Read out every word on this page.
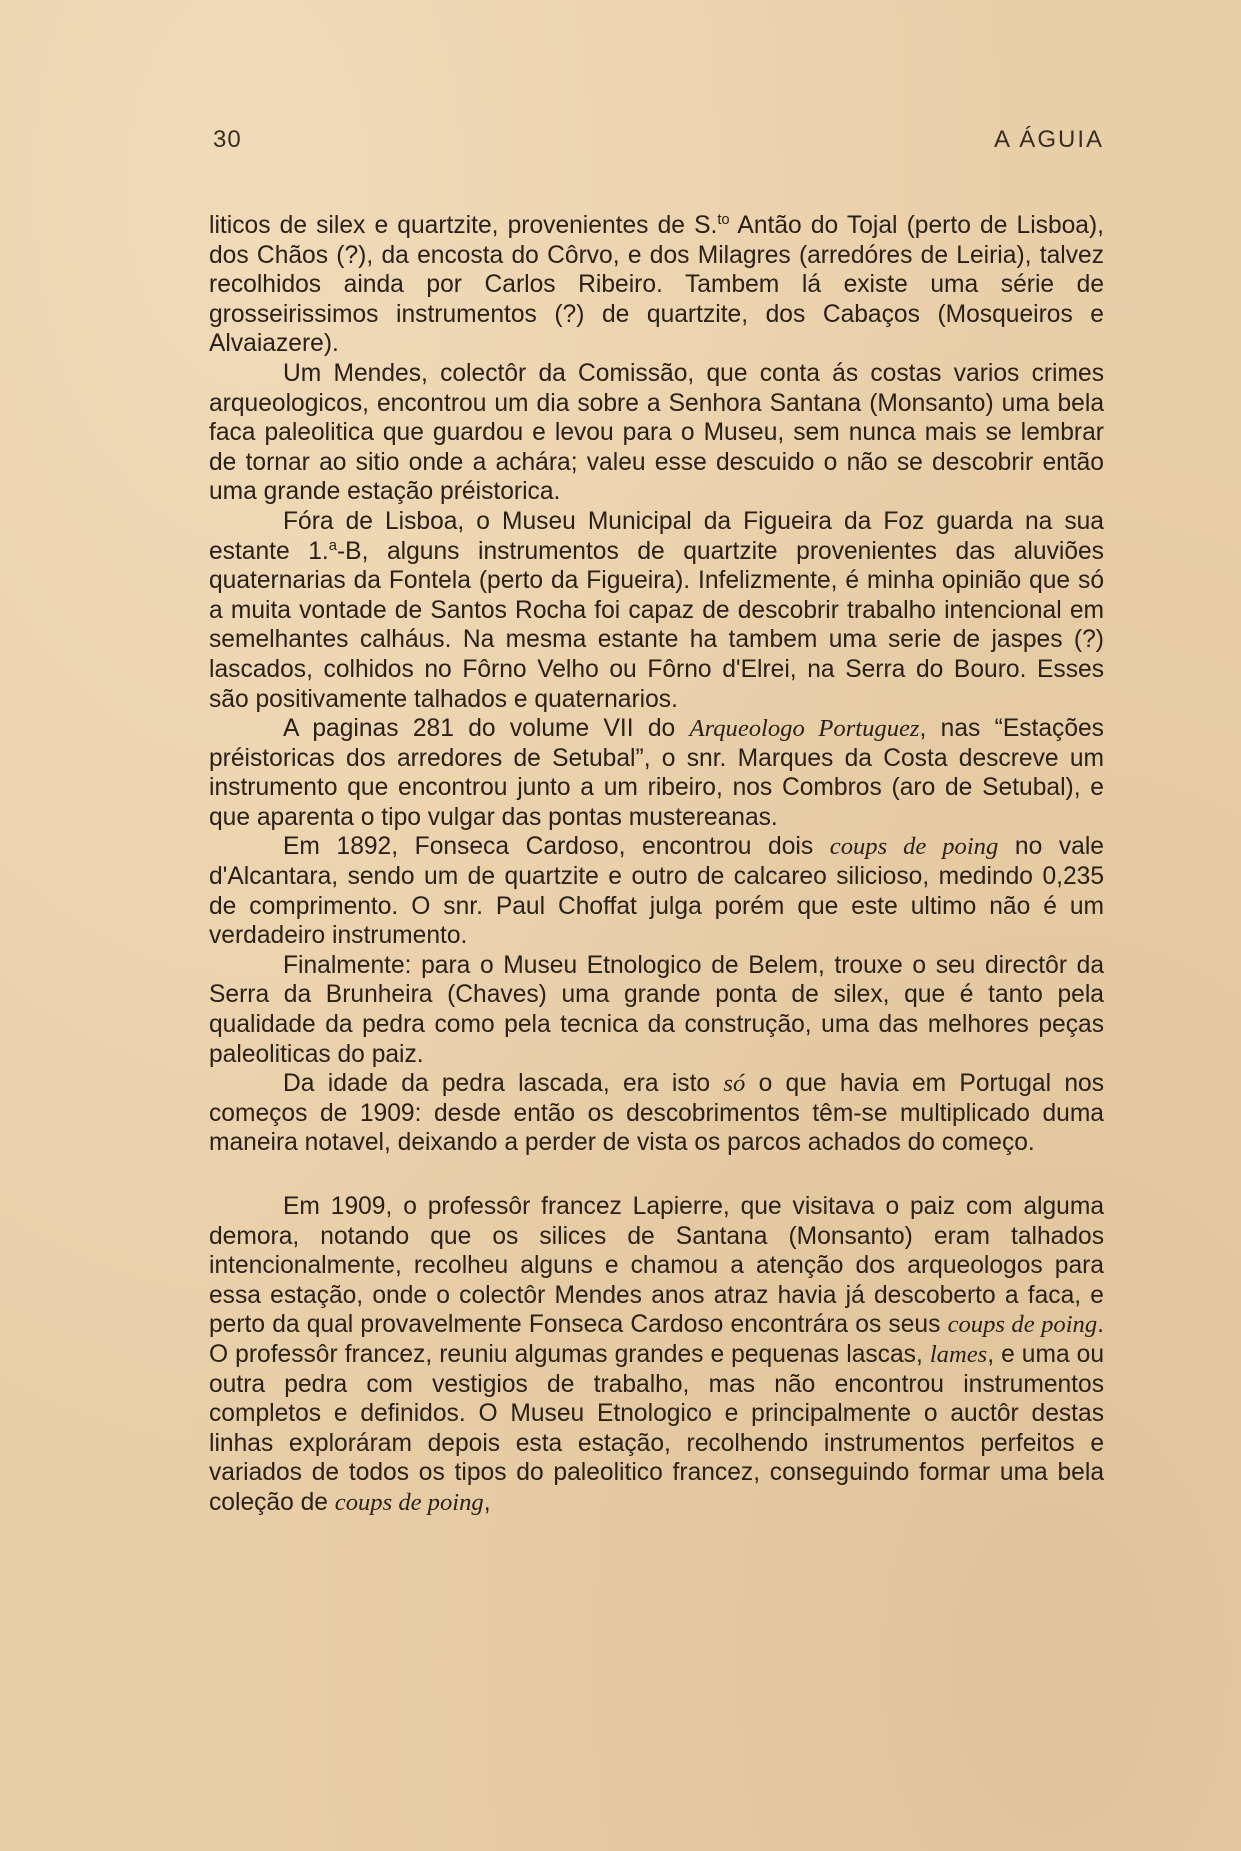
30	A ÁGUIA

liticos de silex e quartzite, provenientes de S.$^{to}$ Antão do Tojal (perto de Lisboa), dos Chãos (?), da encosta do Côrvo, e dos Milagres (arredóres de Leiria), talvez recolhidos ainda por Carlos Ribeiro. Tambem lá existe uma série de grosseirissimos instrumentos (?) de quartzite, dos Cabaços (Mosqueiros e Alvaiazere).

Um Mendes, colectôr da Comissão, que conta ás costas varios crimes arqueologicos, encontrou um dia sobre a Senhora Santana (Monsanto) uma bela faca paleolitica que guardou e levou para o Museu, sem nunca mais se lembrar de tornar ao sitio onde a achára; valeu esse descuido o não se descobrir então uma grande estação préistorica.

Fóra de Lisboa, o Museu Municipal da Figueira da Foz guarda na sua estante 1.$^a$-B, alguns instrumentos de quartzite provenientes das aluviões quaternarias da Fontela (perto da Figueira). Infelizmente, é minha opinião que só a muita vontade de Santos Rocha foi capaz de descobrir trabalho intencional em semelhantes calháus. Na mesma estante ha tambem uma serie de jaspes (?) lascados, colhidos no Fôrno Velho ou Fôrno d'Elrei, na Serra do Bouro. Esses são positivamente talhados e quaternarios.

A paginas 281 do volume VII do Arqueologo Portuguez, nas “Estações préistoricas dos arredores de Setubal”, o snr. Marques da Costa descreve um instrumento que encontrou junto a um ribeiro, nos Combros (aro de Setubal), e que aparenta o tipo vulgar das pontas mustereanas.

Em 1892, Fonseca Cardoso, encontrou dois coups de poing no vale d'Alcantara, sendo um de quartzite e outro de calcareo silicioso, medindo 0,235 de comprimento. O snr. Paul Choffat julga porém que este ultimo não é um verdadeiro instrumento.

Finalmente: para o Museu Etnologico de Belem, trouxe o seu directôr da Serra da Brunheira (Chaves) uma grande ponta de silex, que é tanto pela qualidade da pedra como pela tecnica da construção, uma das melhores peças paleoliticas do paiz.

Da idade da pedra lascada, era isto só o que havia em Portugal nos começos de 1909: desde então os descobrimentos têm-se multiplicado duma maneira notavel, deixando a perder de vista os parcos achados do começo.

Em 1909, o professôr francez Lapierre, que visitava o paiz com alguma demora, notando que os silices de Santana (Monsanto) eram talhados intencionalmente, recolheu alguns e chamou a atenção dos arqueologos para essa estação, onde o colectôr Mendes anos atraz havia já descoberto a faca, e perto da qual provavelmente Fonseca Cardoso encontrára os seus coups de poing. O professôr francez, reuniu algumas grandes e pequenas lascas, lames, e uma ou outra pedra com vestigios de trabalho, mas não encontrou instrumentos completos e definidos. O Museu Etnologico e principalmente o auctôr destas linhas exploráram depois esta estação, recolhendo instrumentos perfeitos e variados de todos os tipos do paleolitico francez, conseguindo formar uma bela coleção de coups de poing,
